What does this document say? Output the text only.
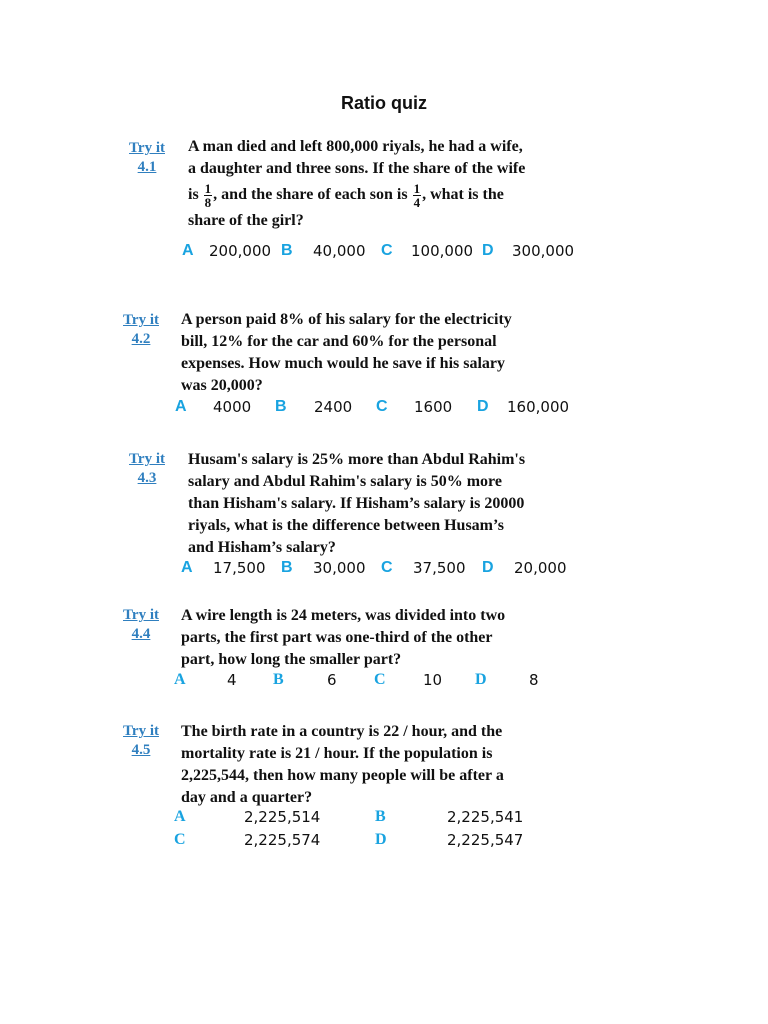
Ratio quiz
Try it
4.1
A man died and left 800,000 riyals, he had a wife,
a daughter and three sons. If the share of the wife
is $\frac{1}{8}$ , and the share of each son is $\frac{1}{4}$ , what is the
share of the girl?
A 200,000 B 40,000 C 100,000 D 300,000
Try it
4.2
A person paid 8% of his salary for the electricity
bill, 12% for the car and 60% for the personal
expenses. How much would he save if his salary
was 20,000?
A 4000 B 2400 C 1600 D 160,000
Try it
4.3
Husam's salary is 25% more than Abdul Rahim's
salary and Abdul Rahim's salary is 50% more
than Hisham's salary. If Hisham’s salary is 20000
riyals, what is the difference between Husam’s
and Hisham’s salary?
A 17,500 B 30,000 C 37,500 D 20,000
Try it
4.4
A wire length is 24 meters, was divided into two
parts, the first part was one-third of the other
part, how long the smaller part?
A	4 B	6 C 10 D	8
Try it
4.5
The birth rate in a country is 22 / hour, and the
mortality rate is 21 / hour. If the population is
2,225,544, then how many people will be after a
day and a quarter?
A	2,225,514	B	2,225,541
C	2,225,574	D	2,225,547
